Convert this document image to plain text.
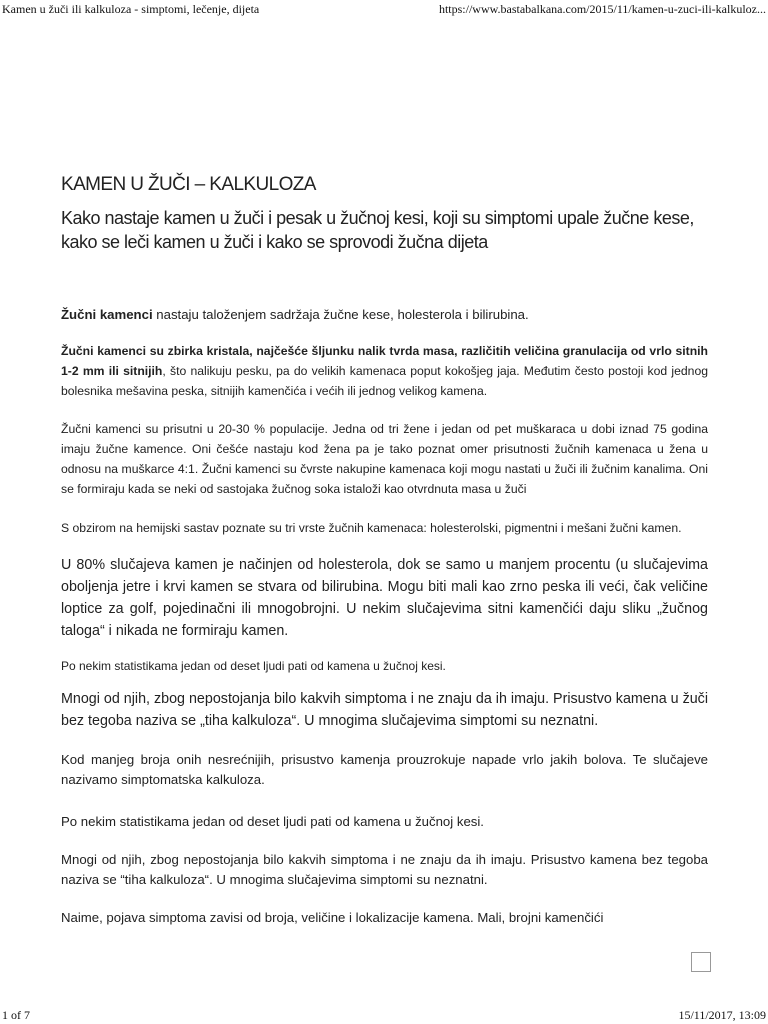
Kamen u žuči ili kalkuloza - simptomi, lečenje, dijeta	https://www.bastabalkana.com/2015/11/kamen-u-zuci-ili-kalkuloz...
KAMEN U ŽUČI – KALKULOZA
Kako nastaje kamen u žuči i pesak u žučnoj kesi, koji su simptomi upale žučne kese, kako se leči kamen u žuči i kako se sprovodi žučna dijeta

Žučni kamenci nastaju taloženjem sadržaja žučne kese, holesterola i bilirubina.

Žučni kamenci su zbirka kristala, najčešće šljunku nalik tvrda masa, različitih veličina granulacija od vrlo sitnih 1-2 mm ili sitnijih, što nalikuju pesku, pa do velikih kamenaca poput kokošjeg jaja. Međutim često postoji kod jednog bolesnika mešavina peska, sitnijih kamenčića i većih ili jednog velikog kamena.

Žučni kamenci su prisutni u 20-30 % populacije. Jedna od tri žene i jedan od pet muškaraca u dobi iznad 75 godina imaju žučne kamence. Oni češće nastaju kod žena pa je tako poznat omer prisutnosti žučnih kamenaca u žena u odnosu na muškarce 4:1. Žučni kamenci su čvrste nakupine kamenaca koji mogu nastati u žuči ili žučnim kanalima. Oni se formiraju kada se neki od sastojaka žučnog soka istaloži kao otvrdnuta masa u žuči

S obzirom na hemijski sastav poznate su tri vrste žučnih kamenaca: holesterolski, pigmentni i mešani žučni kamen.

U 80% slučajeva kamen je načinjen od holesterola, dok se samo u manjem procentu (u slučajevima oboljenja jetre i krvi kamen se stvara od bilirubina. Mogu biti mali kao zrno peska ili veći, čak veličine loptice za golf, pojedinačni ili mnogobrojni. U nekim slučajevima sitni kamenčići daju sliku „žučnog taloga“ i nikada ne formiraju kamen.

Po nekim statistikama jedan od deset ljudi pati od kamena u žučnoj kesi.

Mnogi od njih, zbog nepostojanja bilo kakvih simptoma i ne znaju da ih imaju. Prisustvo kamena u žuči bez tegoba naziva se „tiha kalkuloza“. U mnogima slučajevima simptomi su neznatni.

Kod manjeg broja onih nesrećnijih, prisustvo kamenja prouzrokuje napade vrlo jakih bolova. Te slučajeve nazivamo simptomatska kalkuloza.

Po nekim statistikama jedan od deset ljudi pati od kamena u žučnoj kesi.

Mnogi od njih, zbog nepostojanja bilo kakvih simptoma i ne znaju da ih imaju. Prisustvo kamena bez tegoba naziva se “tiha kalkuloza“. U mnogima slučajevima simptomi su neznatni.

Naime, pojava simptoma zavisi od broja, veličine i lokalizacije kamena. Mali, brojni kamenčići

1 of 7	15/11/2017, 13:09
